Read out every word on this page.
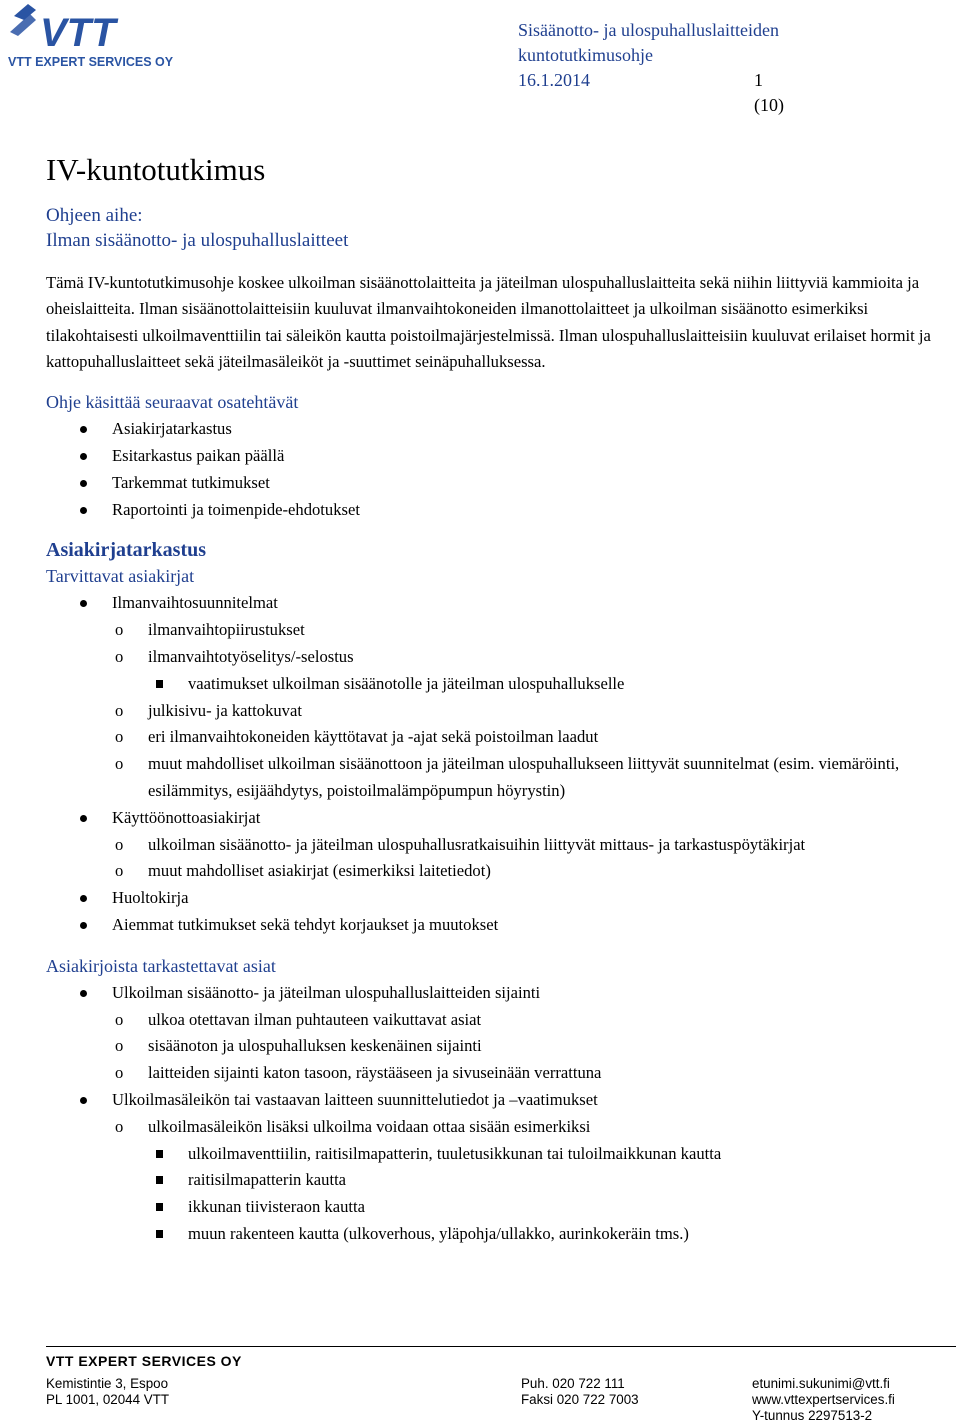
VTT
VTT EXPERT SERVICES OY
Sisäänotto- ja ulospuhalluslaitteiden
kuntotutkimusohje
16.1.2014	1 (10)
IV-kuntotutkimus

Ohjeen aihe:

Ilman sisäänotto- ja ulospuhalluslaitteet

Tämä IV-kuntotutkimusohje koskee ulkoilman sisäänottolaitteita ja jäteilman ulospuhalluslaitteita sekä niihin liittyviä kammioita ja oheislaitteita. Ilman sisäänottolaitteisiin kuuluvat ilmanvaihtokoneiden ilmanottolaitteet ja ulkoilman sisäänotto esimerkiksi tilakohtaisesti ulkoilmaventtiilin tai säleikön kautta poistoilmajärjestelmissä. Ilman ulospuhalluslaitteisiin kuuluvat erilaiset hormit ja kattopuhalluslaitteet sekä jäteilmasäleiköt ja -suuttimet seinäpuhalluksessa.

Ohje käsittää seuraavat osatehtävät

Asiakirjatarkastus
Esitarkastus paikan päällä
Tarkemmat tutkimukset
Raportointi ja toimenpide-ehdotukset

Asiakirjatarkastus

Tarvittavat asiakirjat

Ilmanvaihtosuunnitelmat
o ilmanvaihtopiirustukset
o ilmanvaihtotyöselitys/-selostus
vaatimukset ulkoilman sisäänotolle ja jäteilman ulospuhallukselle
o julkisivu- ja kattokuvat
o eri ilmanvaihtokoneiden käyttötavat ja -ajat sekä poistoilman laadut
o muut mahdolliset ulkoilman sisäänottoon ja jäteilman ulospuhallukseen liittyvät suunnitelmat (esim. viemäröinti, esilämmitys, esijäähdytys, poistoilmalämpöpumpun höyrystin)
Käyttöönottoasiakirjat
o ulkoilman sisäänotto- ja jäteilman ulospuhallusratkaisuihin liittyvät mittaus- ja tarkastuspöytäkirjat
o muut mahdolliset asiakirjat (esimerkiksi laitetiedot)
Huoltokirja
Aiemmat tutkimukset sekä tehdyt korjaukset ja muutokset

Asiakirjoista tarkastettavat asiat

Ulkoilman sisäänotto- ja jäteilman ulospuhalluslaitteiden sijainti
o ulkoa otettavan ilman puhtauteen vaikuttavat asiat
o sisäänoton ja ulospuhalluksen keskenäinen sijainti
o laitteiden sijainti katon tasoon, räystääseen ja sivuseinään verrattuna
Ulkoilmasäleikön tai vastaavan laitteen suunnittelutiedot ja –vaatimukset
o ulkoilmasäleikön lisäksi ulkoilma voidaan ottaa sisään esimerkiksi
ulkoilmaventtiilin, raitisilmapatterin, tuuletusikkunan tai tuloilmaikkunan kautta
raitisilmapatterin kautta
ikkunan tiivisteraon kautta
muun rakenteen kautta (ulkoverhous, yläpohja/ullakko, aurinkokeräin tms.)
VTT EXPERT SERVICES OY
Kemistintie 3, Espoo
PL 1001, 02044 VTT
Puh. 020 722 111
Faksi 020 722 7003
etunimi.sukunimi@vtt.fi
www.vttexpertservices.fi
Y-tunnus 2297513-2
